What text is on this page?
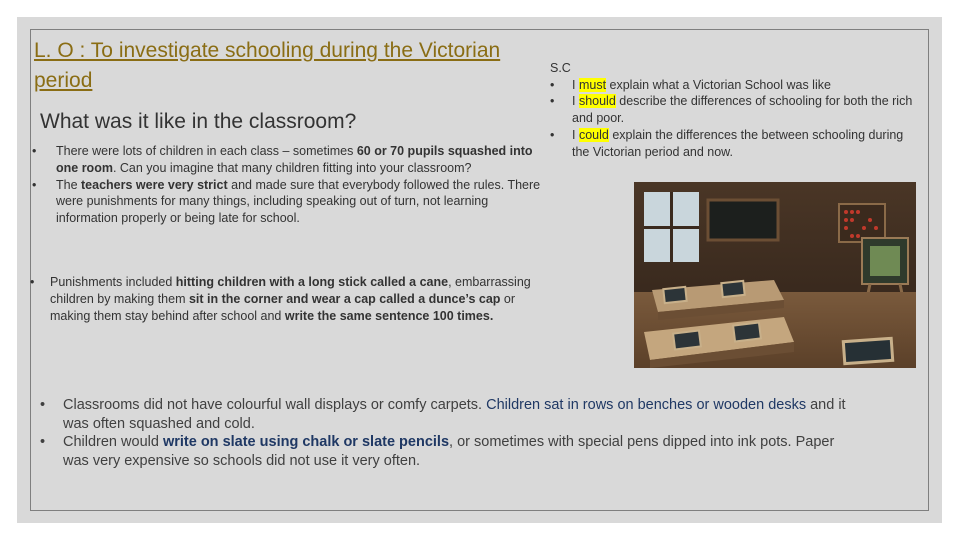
L. O : To investigate schooling during the Victorian period
What was it like in the classroom?

S.C

• I must explain what a Victorian School was like
• I should describe the differences of schooling for both the rich and poor.
• I could explain the differences the between schooling during the Victorian period and now.
• There were lots of children in each class – sometimes 60 or 70 pupils squashed into one room. Can you imagine that many children fitting into your classroom?
• The teachers were very strict and made sure that everybody followed the rules. There were punishments for many things, including speaking out of turn, not learning information properly or being late for school.
• Punishments included hitting children with a long stick called a cane, embarrassing children by making them sit in the corner and wear a cap called a dunce’s cap or making them stay behind after school and write the same sentence 100 times.
• Classrooms did not have colourful wall displays or comfy carpets. Children sat in rows on benches or wooden desks and it was often squashed and cold.
• Children would write on slate using chalk or slate pencils, or sometimes with special pens dipped into ink pots. Paper was very expensive so schools did not use it very often.
